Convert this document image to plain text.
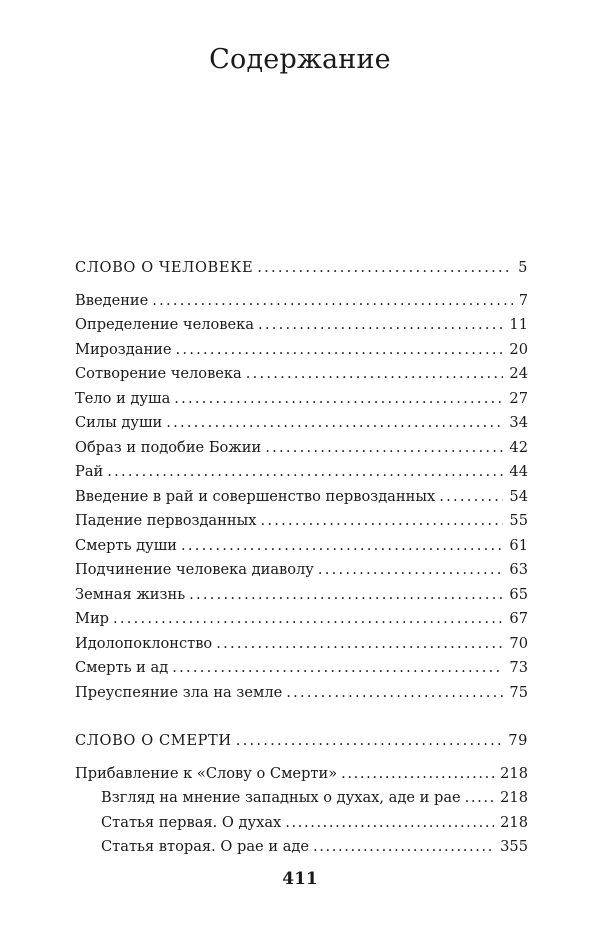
Содержание
СЛОВО О ЧЕЛОВЕКЕ . . .	5
Введение . . .	7
Определение человека . . .	11
Мироздание . . .	20
Сотворение человека . . .	24
Тело и душа . . .	27
Силы души . . .	34
Образ и подобие Божии . . .	42
Рай . . .	44
Введение в рай и совершенство первозданных . . .	54
Падение первозданных . . .	55
Смерть души . . .	61
Подчинение человека диаволу . . .	63
Земная жизнь . . .	65
Мир . . .	67
Идолопоклонство . . .	70
Смерть и ад . . .	73
Преуспеяние зла на земле . . .	75
СЛОВО О СМЕРТИ . . .	79
Прибавление к «Слову о Смерти» .....	218
Взгляд на мнение западных о духах, аде и рае .....	218
Статья первая. О духах .....	218
Статья вторая. О рае и аде .....	355
411
